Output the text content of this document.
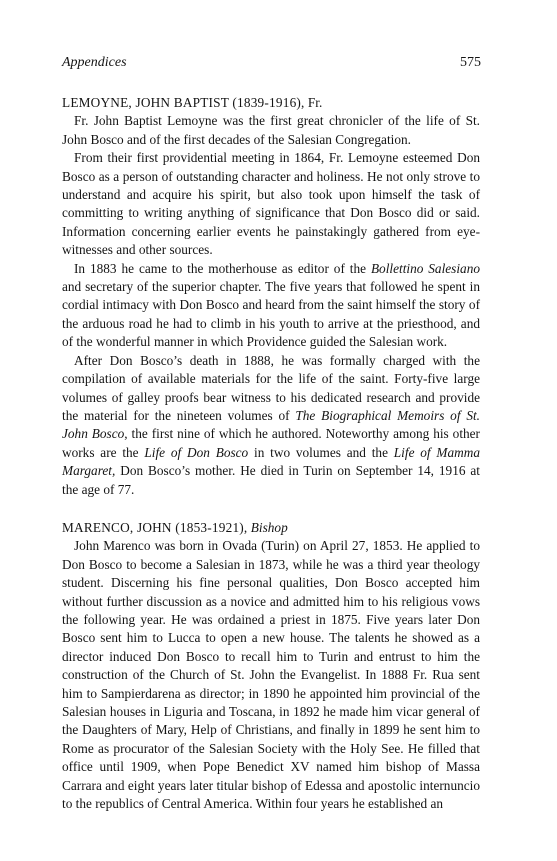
Appendices	575

LEMOYNE, JOHN BAPTIST (1839-1916), Fr.

Fr. John Baptist Lemoyne was the first great chronicler of the life of St. John Bosco and of the first decades of the Salesian Congregation.

From their first providential meeting in 1864, Fr. Lemoyne esteemed Don Bosco as a person of outstanding character and holiness. He not only strove to understand and acquire his spirit, but also took upon himself the task of committing to writing anything of significance that Don Bosco did or said. Information concerning earlier events he painstakingly gathered from eye-witnesses and other sources.

In 1883 he came to the motherhouse as editor of the Bollettino Salesiano and secretary of the superior chapter. The five years that followed he spent in cordial intimacy with Don Bosco and heard from the saint himself the story of the arduous road he had to climb in his youth to arrive at the priesthood, and of the wonderful manner in which Providence guided the Salesian work.

After Don Bosco’s death in 1888, he was formally charged with the compilation of available materials for the life of the saint. Forty-five large volumes of galley proofs bear witness to his dedicated research and provide the material for the nineteen volumes of The Biographical Memoirs of St. John Bosco, the first nine of which he authored. Noteworthy among his other works are the Life of Don Bosco in two volumes and the Life of Mamma Margaret, Don Bosco’s mother. He died in Turin on September 14, 1916 at the age of 77.

MARENCO, JOHN (1853-1921), Bishop

John Marenco was born in Ovada (Turin) on April 27, 1853. He applied to Don Bosco to become a Salesian in 1873, while he was a third year theology student. Discerning his fine personal qualities, Don Bosco accepted him without further discussion as a novice and admitted him to his religious vows the following year. He was ordained a priest in 1875. Five years later Don Bosco sent him to Lucca to open a new house. The talents he showed as a director induced Don Bosco to recall him to Turin and entrust to him the construction of the Church of St. John the Evangelist. In 1888 Fr. Rua sent him to Sampierdarena as director; in 1890 he appointed him provincial of the Salesian houses in Liguria and Toscana, in 1892 he made him vicar general of the Daughters of Mary, Help of Christians, and finally in 1899 he sent him to Rome as procurator of the Salesian Society with the Holy See. He filled that office until 1909, when Pope Benedict XV named him bishop of Massa Carrara and eight years later titular bishop of Edessa and apostolic internuncio to the republics of Central America. Within four years he established an
